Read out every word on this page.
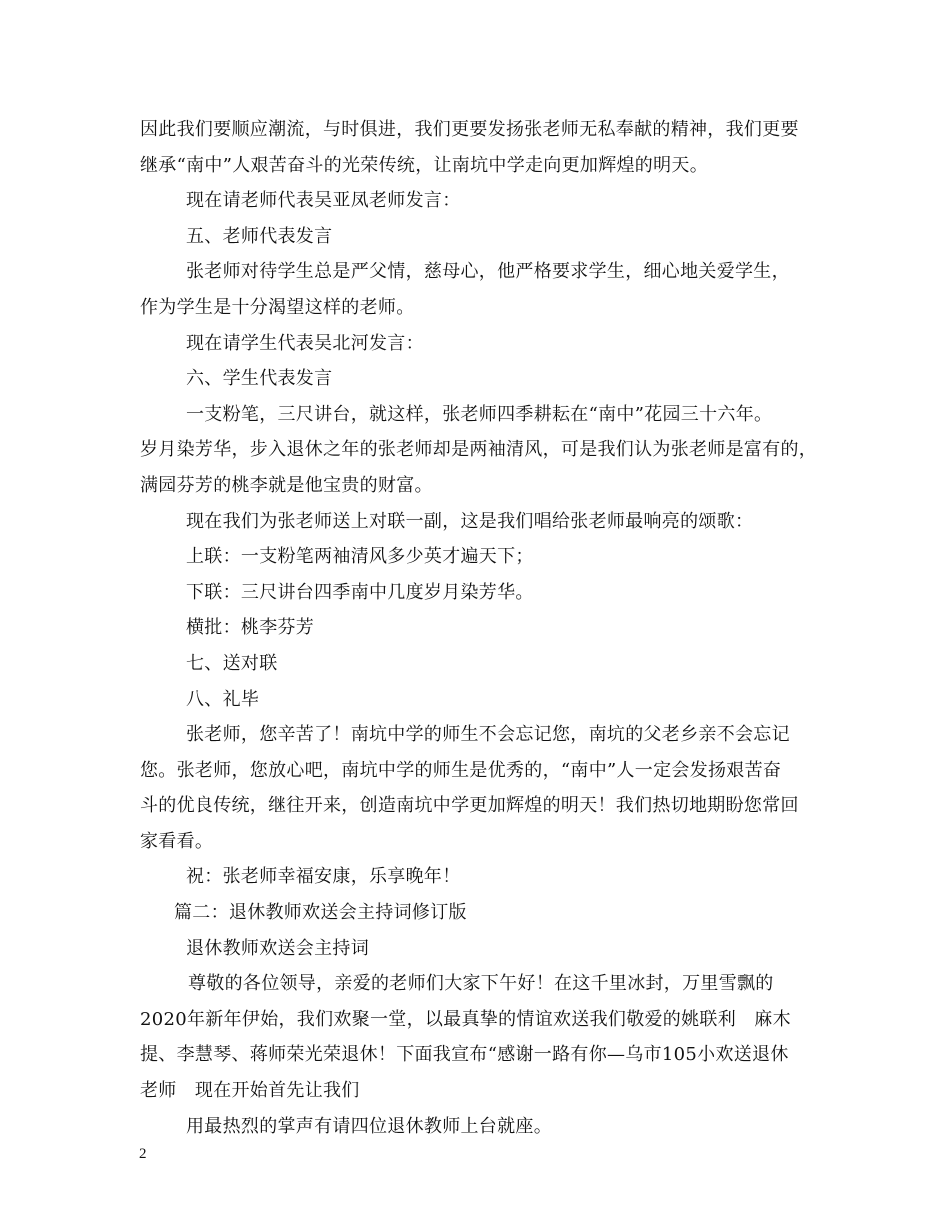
因此我们要顺应潮流，与时俱进，我们更要发扬张老师无私奉献的精神，我们更要
继承“南中”人艰苦奋斗的光荣传统，让南坑中学走向更加辉煌的明天。
现在请老师代表吴亚凤老师发言：
五、老师代表发言
张老师对待学生总是严父情，慈母心，他严格要求学生，细心地关爱学生，
作为学生是十分渴望这样的老师。
现在请学生代表吴北河发言：
六、学生代表发言
一支粉笔，三尺讲台，就这样，张老师四季耕耘在“南中”花园三十六年。
岁月染芳华，步入退休之年的张老师却是两袖清风，可是我们认为张老师是富有的，
满园芬芳的桃李就是他宝贵的财富。
现在我们为张老师送上对联一副，这是我们唱给张老师最响亮的颂歌：
上联：一支粉笔两袖清风多少英才遍天下；
下联：三尺讲台四季南中几度岁月染芳华。
横批：桃李芬芳
七、送对联
八、礼毕
张老师，您辛苦了！南坑中学的师生不会忘记您，南坑的父老乡亲不会忘记
您。张老师，您放心吧，南坑中学的师生是优秀的，“南中”人一定会发扬艰苦奋
斗的优良传统，继往开来，创造南坑中学更加辉煌的明天！我们热切地期盼您常回
家看看。
祝：张老师幸福安康，乐享晚年！
篇二：退休教师欢送会主持词修订版
退休教师欢送会主持词
尊敬的各位领导，亲爱的老师们大家下午好！在这千里冰封，万里雪飘的
2020年新年伊始，我们欢聚一堂，以最真挚的情谊欢送我们敬爱的姚联利　麻木
提、李慧琴、蒋师荣光荣退休！下面我宣布“感谢一路有你—乌市105小欢送退休
老师　现在开始首先让我们
用最热烈的掌声有请四位退休教师上台就座。
2
